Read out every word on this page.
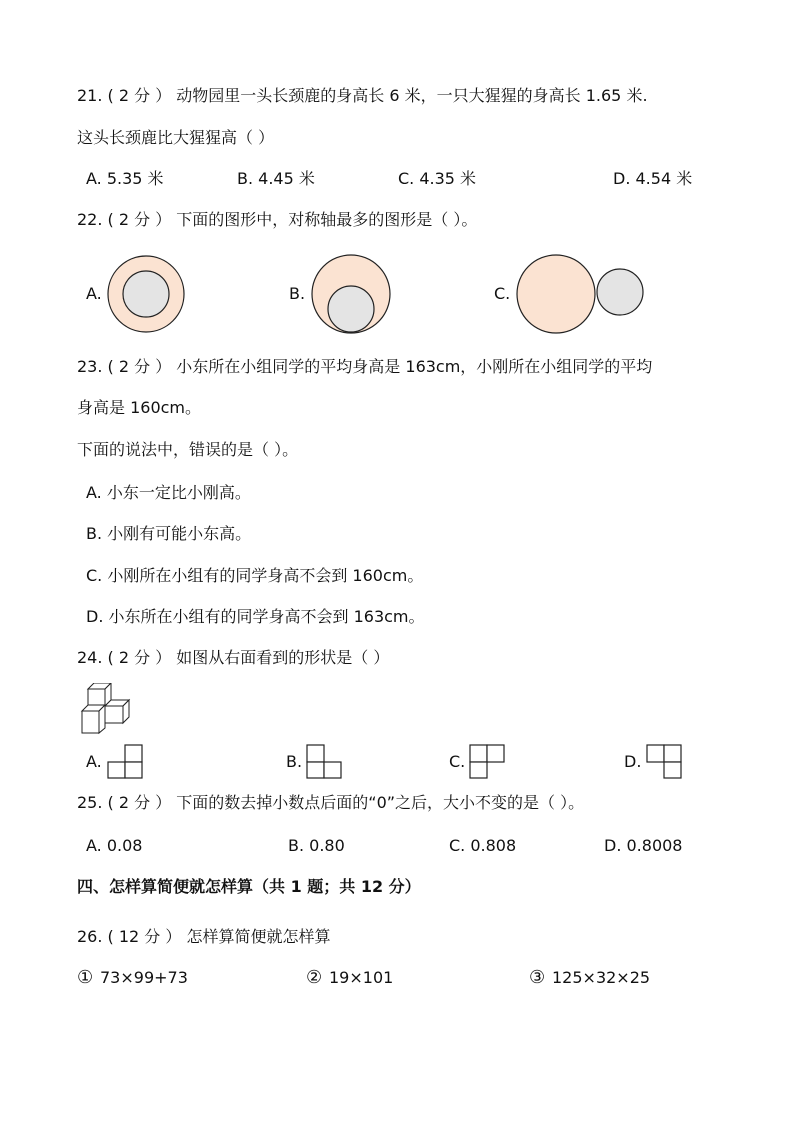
21. ( 2 分 ） 动物园里一头长颈鹿的身高长 6 米，一只大猩猩的身高长 1.65 米.
这头长颈鹿比大猩猩高（ ）
A. 5.35 米	B. 4.45 米	C. 4.35 米	D. 4.54 米
22. ( 2 分 ） 下面的图形中，对称轴最多的图形是（ ）。
A.	B.	C.
23. ( 2 分 ） 小东所在小组同学的平均身高是 163cm，小刚所在小组同学的平均
身高是 160cm。
下面的说法中，错误的是（ ）。
A. 小东一定比小刚高。
B. 小刚有可能小东高。
C. 小刚所在小组有的同学身高不会到 160cm。
D. 小东所在小组有的同学身高不会到 163cm。
24. ( 2 分 ） 如图从右面看到的形状是（ ）
A.	B.	C.	D.
25. ( 2 分 ） 下面的数去掉小数点后面的“0”之后，大小不变的是（ ）。
A. 0.08	B. 0.80	C. 0.808	D. 0.8008
四、怎样算简便就怎样算（共 1 题；共 12 分）
26. ( 12 分 ） 怎样算简便就怎样算
① 73×99+73	② 19×101	③ 125×32×25
